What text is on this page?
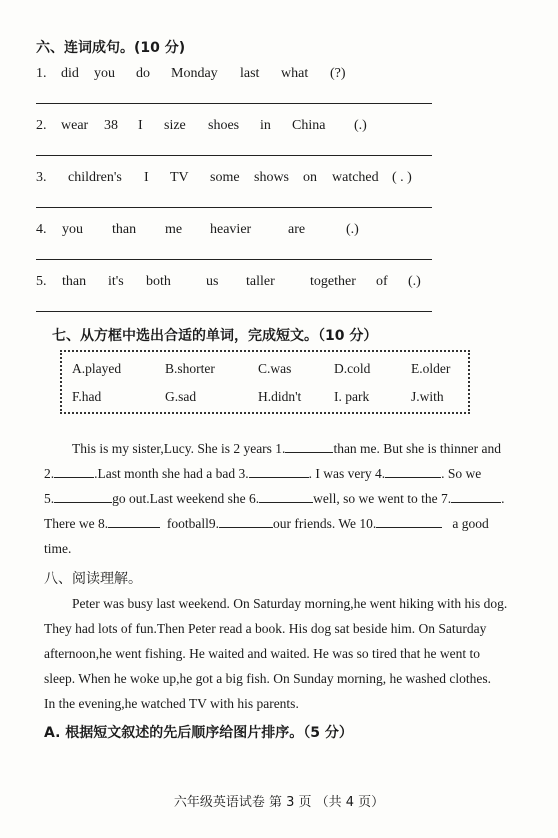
六、连词成句。(10 分)
1. did you do Monday last what (?)
2. wear 38 I size shoes in China (.)
3. children's I TV some shows on watched ( . )
4. you than me heavier	are	(.)
5. than it's both	us taller	together of (.)
七、从方框中选出合适的单词，完成短文。（10 分）
A.played	B.shorter	C.was	D.cold	E.older
F.had	G.sad	H.didn't I. park	J.with
This is my sister,Lucy. She is 2 years 1.	than me. But she is thinner and
2.	.Last month she had a bad 3.	. I was very 4.	. So we
5.	go out.Last weekend she 6.	well, so we went to the 7.	.
There we 8.	football9.	our friends. We 10.	a good
time.
八、阅读理解。
Peter was busy last weekend. On Saturday morning,he went hiking with his dog.
They had lots of fun.Then Peter read a book. His dog sat beside him. On Saturday
afternoon,he went fishing. He waited and waited. He was so tired that he went to
sleep. When he woke up,he got a big fish. On Sunday morning, he washed clothes.
In the evening,he watched TV with his parents.
A. 根据短文叙述的先后顺序给图片排序。（5 分）
六年级英语试卷 第 3 页 （共 4 页）
